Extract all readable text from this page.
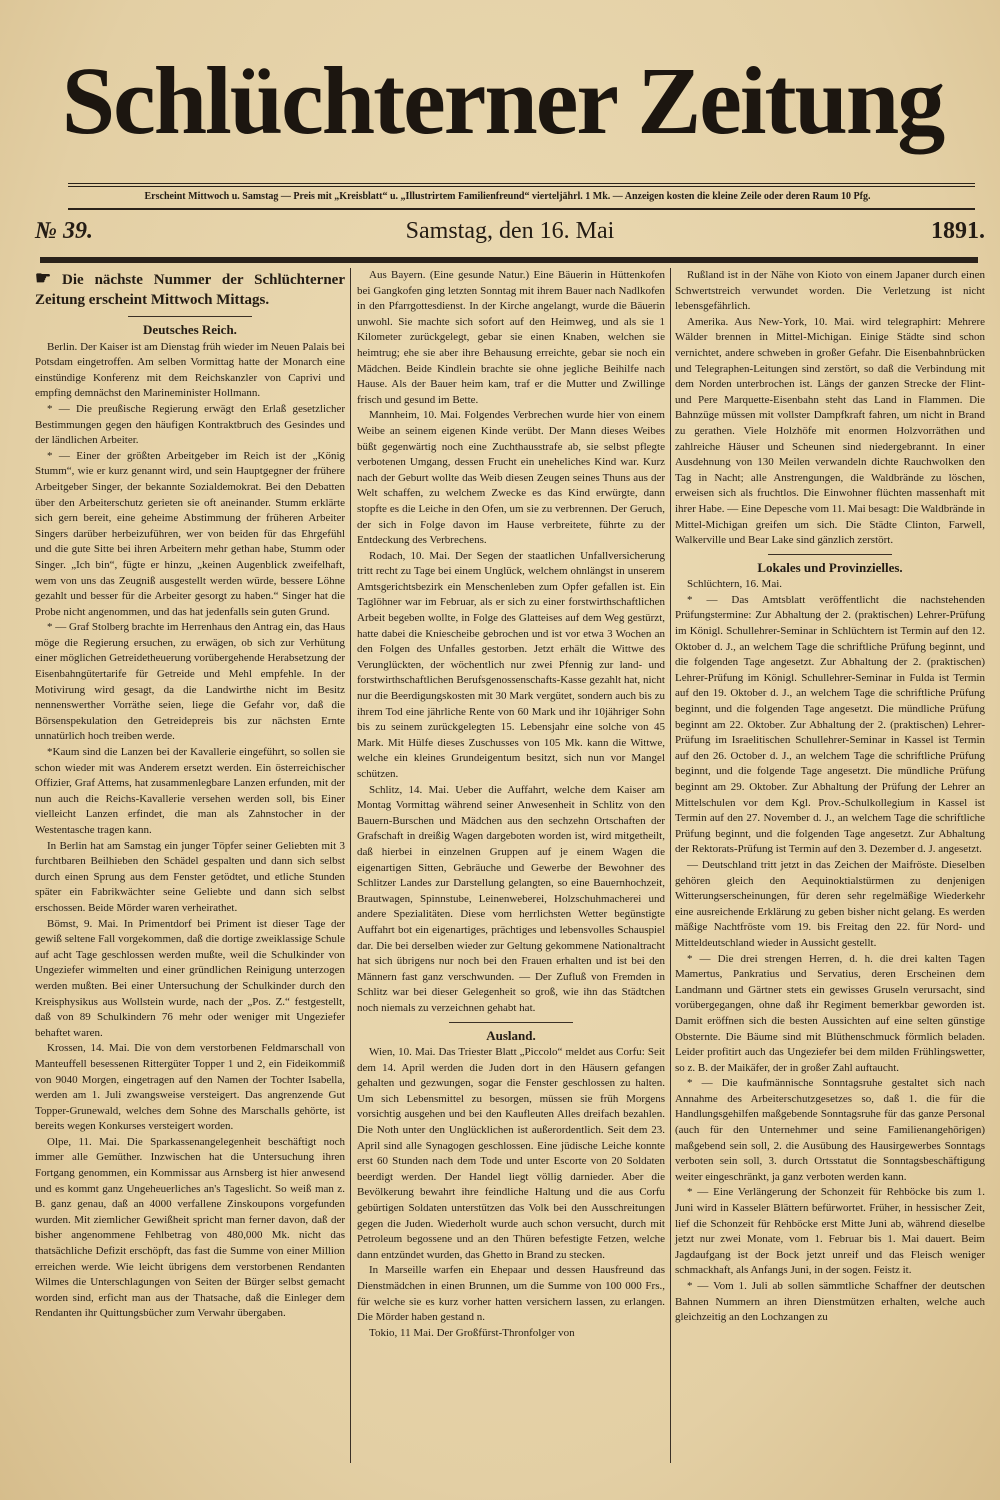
Schlüchterner Zeitung
Erscheint Mittwoch u. Samstag — Preis mit „Kreisblatt“ u. „Illustrirtem Familienfreund“ vierteljährl. 1 Mk. — Anzeigen kosten die kleine Zeile oder deren Raum 10 Pfg.
№ 39.	Samstag, den 16. Mai	1891.

☛ Die nächste Nummer der Schlüchterner Zeitung erscheint Mittwoch Mittags.

Deutsches Reich.

Berlin. Der Kaiser ist am Dienstag früh wieder im Neuen Palais bei Potsdam eingetroffen. Am selben Vormittag hatte der Monarch eine einstündige Konferenz mit dem Reichskanzler von Caprivi und empfing demnächst den Marineminister Hollmann.

* — Die preußische Regierung erwägt den Erlaß gesetzlicher Bestimmungen gegen den häufigen Kontraktbruch des Gesindes und der ländlichen Arbeiter.

* — Einer der größten Arbeitgeber im Reich ist der „König Stumm“, wie er kurz genannt wird, und sein Hauptgegner der frühere Arbeitgeber Singer, der bekannte Sozialdemokrat. Bei den Debatten über den Arbeiterschutz gerieten sie oft aneinander. Stumm erklärte sich gern bereit, eine geheime Abstimmung der früheren Arbeiter Singers darüber herbeizuführen, wer von beiden für das Ehrgefühl und die gute Sitte bei ihren Arbeitern mehr gethan habe, Stumm oder Singer. „Ich bin“, fügte er hinzu, „keinen Augenblick zweifelhaft, wem von uns das Zeugniß ausgestellt werden würde, bessere Löhne gezahlt und besser für die Arbeiter gesorgt zu haben.“ Singer hat die Probe nicht angenommen, und das hat jedenfalls sein guten Grund.

* — Graf Stolberg brachte im Herrenhaus den Antrag ein, das Haus möge die Regierung ersuchen, zu erwägen, ob sich zur Verhütung einer möglichen Getreidetheuerung vorübergehende Herabsetzung der Eisenbahngütertarife für Getreide und Mehl empfehle. In der Motivirung wird gesagt, da die Landwirthe nicht im Besitz nennenswerther Vorräthe seien, liege die Gefahr vor, daß die Börsenspekulation den Getreidepreis bis zur nächsten Ernte unnatürlich hoch treiben werde.

*Kaum sind die Lanzen bei der Kavallerie eingeführt, so sollen sie schon wieder mit was Anderem ersetzt werden. Ein österreichischer Offizier, Graf Attems, hat zusammenlegbare Lanzen erfunden, mit der nun auch die Reichs-Kavallerie versehen werden soll, bis Einer vielleicht Lanzen erfindet, die man als Zahnstocher in der Westentasche tragen kann.

In Berlin hat am Samstag ein junger Töpfer seiner Geliebten mit 3 furchtbaren Beilhieben den Schädel gespalten und dann sich selbst durch einen Sprung aus dem Fenster getödtet, und etliche Stunden später ein Fabrikwächter seine Geliebte und dann sich selbst erschossen. Beide Mörder waren verheirathet.

Bömst, 9. Mai. In Primentdorf bei Priment ist dieser Tage der gewiß seltene Fall vorgekommen, daß die dortige zweiklassige Schule auf acht Tage geschlossen werden mußte, weil die Schulkinder von Ungeziefer wimmelten und einer gründlichen Reinigung unterzogen werden mußten. Bei einer Untersuchung der Schulkinder durch den Kreisphysikus aus Wollstein wurde, nach der „Pos. Z.“ festgestellt, daß von 89 Schulkindern 76 mehr oder weniger mit Ungeziefer behaftet waren.

Krossen, 14. Mai. Die von dem verstorbenen Feldmarschall von Manteuffell besessenen Rittergüter Topper 1 und 2, ein Fideikommiß von 9040 Morgen, eingetragen auf den Namen der Tochter Isabella, werden am 1. Juli zwangsweise versteigert. Das angrenzende Gut Topper-Grunewald, welches dem Sohne des Marschalls gehörte, ist bereits wegen Konkurses versteigert worden.

Olpe, 11. Mai. Die Sparkassenangelegenheit beschäftigt noch immer alle Gemüther. Inzwischen hat die Untersuchung ihren Fortgang genommen, ein Kommissar aus Arnsberg ist hier anwesend und es kommt ganz Ungeheuerliches an's Tageslicht. So weiß man z. B. ganz genau, daß an 4000 verfallene Zinskoupons vorgefunden wurden. Mit ziemlicher Gewißheit spricht man ferner davon, daß der bisher angenommene Fehlbetrag von 480,000 Mk. nicht das thatsächliche Defizit erschöpft, das fast die Summe von einer Million erreichen werde. Wie leicht übrigens dem verstorbenen Rendanten Wilmes die Unterschlagungen von Seiten der Bürger selbst gemacht worden sind, erficht man aus der Thatsache, daß die Einleger dem Rendanten ihr Quittungsbücher zum Verwahr übergaben.

Aus Bayern. (Eine gesunde Natur.) Eine Bäuerin in Hüttenkofen bei Gangkofen ging letzten Sonntag mit ihrem Bauer nach Nadlkofen in den Pfarrgottesdienst. In der Kirche angelangt, wurde die Bäuerin unwohl. Sie machte sich sofort auf den Heimweg, und als sie 1 Kilometer zurückgelegt, gebar sie einen Knaben, welchen sie heimtrug; ehe sie aber ihre Behausung erreichte, gebar sie noch ein Mädchen. Beide Kindlein brachte sie ohne jegliche Beihilfe nach Hause. Als der Bauer heim kam, traf er die Mutter und Zwillinge frisch und gesund im Bette.

Mannheim, 10. Mai. Folgendes Verbrechen wurde hier von einem Weibe an seinem eigenen Kinde verübt. Der Mann dieses Weibes büßt gegenwärtig noch eine Zuchthausstrafe ab, sie selbst pflegte verbotenen Umgang, dessen Frucht ein uneheliches Kind war. Kurz nach der Geburt wollte das Weib diesen Zeugen seines Thuns aus der Welt schaffen, zu welchem Zwecke es das Kind erwürgte, dann stopfte es die Leiche in den Ofen, um sie zu verbrennen. Der Geruch, der sich in Folge davon im Hause verbreitete, führte zu der Entdeckung des Verbrechens.

Rodach, 10. Mai. Der Segen der staatlichen Unfallversicherung tritt recht zu Tage bei einem Unglück, welchem ohnlängst in unserem Amtsgerichtsbezirk ein Menschenleben zum Opfer gefallen ist. Ein Taglöhner war im Februar, als er sich zu einer forstwirthschaftlichen Arbeit begeben wollte, in Folge des Glatteises auf dem Weg gestürzt, hatte dabei die Kniescheibe gebrochen und ist vor etwa 3 Wochen an den Folgen des Unfalles gestorben. Jetzt erhält die Wittwe des Verunglückten, der wöchentlich nur zwei Pfennig zur land- und forstwirthschaftlichen Berufsgenossenschafts-Kasse gezahlt hat, nicht nur die Beerdigungskosten mit 30 Mark vergütet, sondern auch bis zu ihrem Tod eine jährliche Rente von 60 Mark und ihr 10jähriger Sohn bis zu seinem zurückgelegten 15. Lebensjahr eine solche von 45 Mark. Mit Hülfe dieses Zuschusses von 105 Mk. kann die Wittwe, welche ein kleines Grundeigentum besitzt, sich nun vor Mangel schützen.

Schlitz, 14. Mai. Ueber die Auffahrt, welche dem Kaiser am Montag Vormittag während seiner Anwesenheit in Schlitz von den Bauern-Burschen und Mädchen aus den sechzehn Ortschaften der Grafschaft in dreißig Wagen dargeboten worden ist, wird mitgetheilt, daß hierbei in einzelnen Gruppen auf je einem Wagen die eigenartigen Sitten, Gebräuche und Gewerbe der Bewohner des Schlitzer Landes zur Darstellung gelangten, so eine Bauernhochzeit, Brautwagen, Spinnstube, Leinenweberei, Holzschuhmacherei und andere Spezialitäten. Diese vom herrlichsten Wetter begünstigte Auffahrt bot ein eigenartiges, prächtiges und lebensvolles Schauspiel dar. Die bei derselben wieder zur Geltung gekommene Nationaltracht hat sich übrigens nur noch bei den Frauen erhalten und ist bei den Männern fast ganz verschwunden. — Der Zufluß von Fremden in Schlitz war bei dieser Gelegenheit so groß, wie ihn das Städtchen noch niemals zu verzeichnen gehabt hat.

Ausland.

Wien, 10. Mai. Das Triester Blatt „Piccolo“ meldet aus Corfu: Seit dem 14. April werden die Juden dort in den Häusern gefangen gehalten und gezwungen, sogar die Fenster geschlossen zu halten. Um sich Lebensmittel zu besorgen, müssen sie früh Morgens vorsichtig ausgehen und bei den Kaufleuten Alles dreifach bezahlen. Die Noth unter den Unglücklichen ist außerordentlich. Seit dem 23. April sind alle Synagogen geschlossen. Eine jüdische Leiche konnte erst 60 Stunden nach dem Tode und unter Escorte von 20 Soldaten beerdigt werden. Der Handel liegt völlig darnieder. Aber die Bevölkerung bewahrt ihre feindliche Haltung und die aus Corfu gebürtigen Soldaten unterstützen das Volk bei den Ausschreitungen gegen die Juden. Wiederholt wurde auch schon versucht, durch mit Petroleum begossene und an den Thüren befestigte Fetzen, welche dann entzündet wurden, das Ghetto in Brand zu stecken.

In Marseille warfen ein Ehepaar und dessen Hausfreund das Dienstmädchen in einen Brunnen, um die Summe von 100 000 Frs., für welche sie es kurz vorher hatten versichern lassen, zu erlangen. Die Mörder haben gestand n.

Tokio, 11 Mai. Der Großfürst-Thronfolger von

Rußland ist in der Nähe von Kioto von einem Japaner durch einen Schwertstreich verwundet worden. Die Verletzung ist nicht lebensgefährlich.

Amerika. Aus New-York, 10. Mai. wird telegraphirt: Mehrere Wälder brennen in Mittel-Michigan. Einige Städte sind schon vernichtet, andere schweben in großer Gefahr. Die Eisenbahnbrücken und Telegraphen-Leitungen sind zerstört, so daß die Verbindung mit dem Norden unterbrochen ist. Längs der ganzen Strecke der Flint- und Pere Marquette-Eisenbahn steht das Land in Flammen. Die Bahnzüge müssen mit vollster Dampfkraft fahren, um nicht in Brand zu gerathen. Viele Holzhöfe mit enormen Holzvorräthen und zahlreiche Häuser und Scheunen sind niedergebrannt. In einer Ausdehnung von 130 Meilen verwandeln dichte Rauchwolken den Tag in Nacht; alle Anstrengungen, die Waldbrände zu löschen, erweisen sich als fruchtlos. Die Einwohner flüchten massenhaft mit ihrer Habe. — Eine Depesche vom 11. Mai besagt: Die Waldbrände in Mittel-Michigan greifen um sich. Die Städte Clinton, Farwell, Walkerville und Bear Lake sind gänzlich zerstört.

Lokales und Provinzielles.

Schlüchtern, 16. Mai.

* — Das Amtsblatt veröffentlicht die nachstehenden Prüfungstermine: Zur Abhaltung der 2. (praktischen) Lehrer-Prüfung im Königl. Schullehrer-Seminar in Schlüchtern ist Termin auf den 12. Oktober d. J., an welchem Tage die schriftliche Prüfung beginnt, und die folgenden Tage angesetzt. Zur Abhaltung der 2. (praktischen) Lehrer-Prüfung im Königl. Schullehrer-Seminar in Fulda ist Termin auf den 19. Oktober d. J., an welchem Tage die schriftliche Prüfung beginnt, und die folgenden Tage angesetzt. Die mündliche Prüfung beginnt am 22. Oktober. Zur Abhaltung der 2. (praktischen) Lehrer-Prüfung im Israelitischen Schullehrer-Seminar in Kassel ist Termin auf den 26. October d. J., an welchem Tage die schriftliche Prüfung beginnt, und die folgende Tage angesetzt. Die mündliche Prüfung beginnt am 29. Oktober. Zur Abhaltung der Prüfung der Lehrer an Mittelschulen vor dem Kgl. Prov.-Schulkollegium in Kassel ist Termin auf den 27. November d. J., an welchem Tage die schriftliche Prüfung beginnt, und die folgenden Tage angesetzt. Zur Abhaltung der Rektorats-Prüfung ist Termin auf den 3. Dezember d. J. angesetzt.

— Deutschland tritt jetzt in das Zeichen der Maifröste. Dieselben gehören gleich den Aequinoktialstürmen zu denjenigen Witterungserscheinungen, für deren sehr regelmäßige Wiederkehr eine ausreichende Erklärung zu geben bisher nicht gelang. Es werden mäßige Nachtfröste vom 19. bis Freitag den 22. für Nord- und Mitteldeutschland wieder in Aussicht gestellt.

* — Die drei strengen Herren, d. h. die drei kalten Tagen Mamertus, Pankratius und Servatius, deren Erscheinen dem Landmann und Gärtner stets ein gewisses Gruseln verursacht, sind vorübergegangen, ohne daß ihr Regiment bemerkbar geworden ist. Damit eröffnen sich die besten Aussichten auf eine selten günstige Obsternte. Die Bäume sind mit Blüthenschmuck förmlich beladen. Leider profitirt auch das Ungeziefer bei dem milden Frühlingswetter, so z. B. der Maikäfer, der in großer Zahl auftaucht.

* — Die kaufmännische Sonntagsruhe gestaltet sich nach Annahme des Arbeiterschutzgesetzes so, daß 1. die für die Handlungsgehilfen maßgebende Sonntagsruhe für das ganze Personal (auch für den Unternehmer und seine Familienangehörigen) maßgebend sein soll, 2. die Ausübung des Hausirgewerbes Sonntags verboten sein soll, 3. durch Ortsstatut die Sonntagsbeschäftigung weiter eingeschränkt, ja ganz verboten werden kann.

* — Eine Verlängerung der Schonzeit für Rehböcke bis zum 1. Juni wird in Kasseler Blättern befürwortet. Früher, in hessischer Zeit, lief die Schonzeit für Rehböcke erst Mitte Juni ab, während dieselbe jetzt nur zwei Monate, vom 1. Februar bis 1. Mai dauert. Beim Jagdaufgang ist der Bock jetzt unreif und das Fleisch weniger schmackhaft, als Anfangs Juni, in der sogen. Feistz it.

* — Vom 1. Juli ab sollen sämmtliche Schaffner der deutschen Bahnen Nummern an ihren Dienstmützen erhalten, welche auch gleichzeitig an den Lochzangen zu
